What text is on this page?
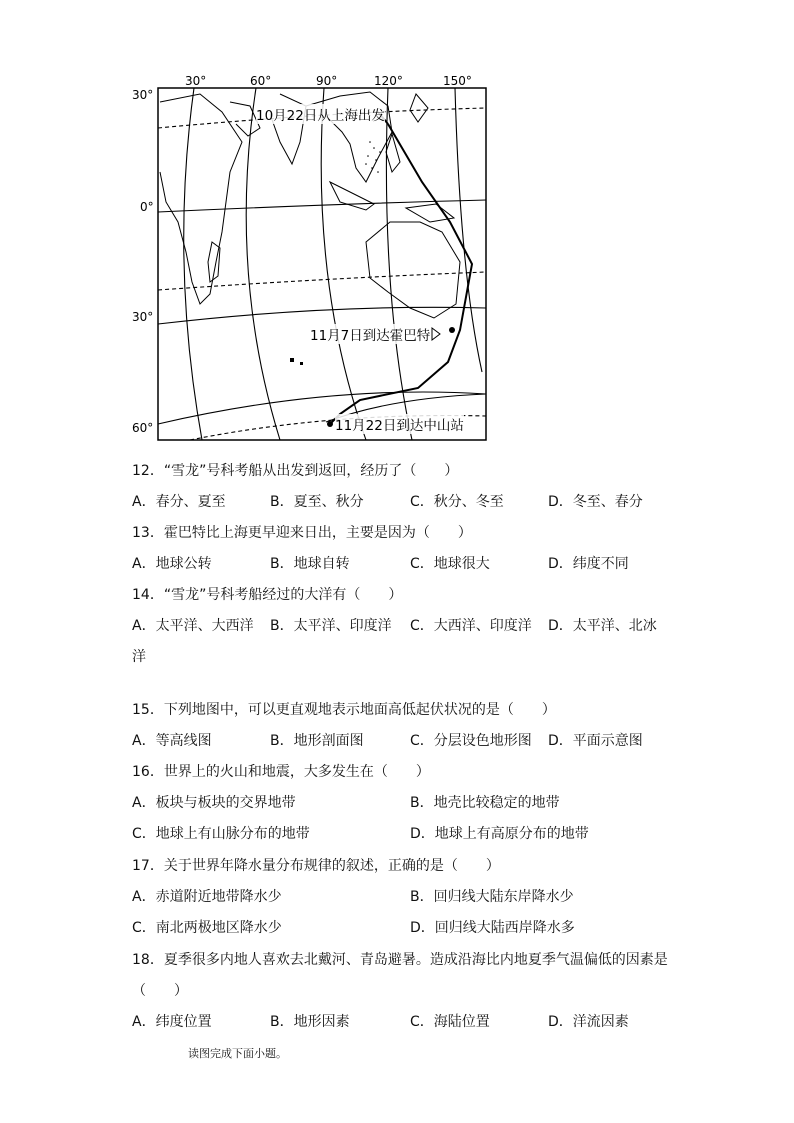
30°	60°	90°	120°	150°
30°
0°
30°
60°
10月22日从上海出发
11月7日到达霍巴特
11月22日到达中山站
12．“雪龙”号科考船从出发到返回，经历了（　　）
A．春分、夏至	B．夏至、秋分	C．秋分、冬至	D．冬至、春分
13．霍巴特比上海更早迎来日出，主要是因为（　　）
A．地球公转	B．地球自转	C．地球很大	D．纬度不同
14．“雪龙”号科考船经过的大洋有（　　）
A．太平洋、大西洋 B．太平洋、印度洋 C．大西洋、印度洋 D．太平洋、北冰
洋
15．下列地图中，可以更直观地表示地面高低起伏状况的是（　　）
A．等高线图	B．地形剖面图	C．分层设色地形图 D．平面示意图
16．世界上的火山和地震，大多发生在（　　）
A．板块与板块的交界地带	B．地壳比较稳定的地带
C．地球上有山脉分布的地带	D．地球上有高原分布的地带
17．关于世界年降水量分布规律的叙述，正确的是（　　）
A．赤道附近地带降水少	B．回归线大陆东岸降水少
C．南北两极地区降水少	D．回归线大陆西岸降水多
18．夏季很多内地人喜欢去北戴河、青岛避暑。造成沿海比内地夏季气温偏低的因素是
（　　）
A．纬度位置	B．地形因素	C．海陆位置	D．洋流因素
读图完成下面小题。
